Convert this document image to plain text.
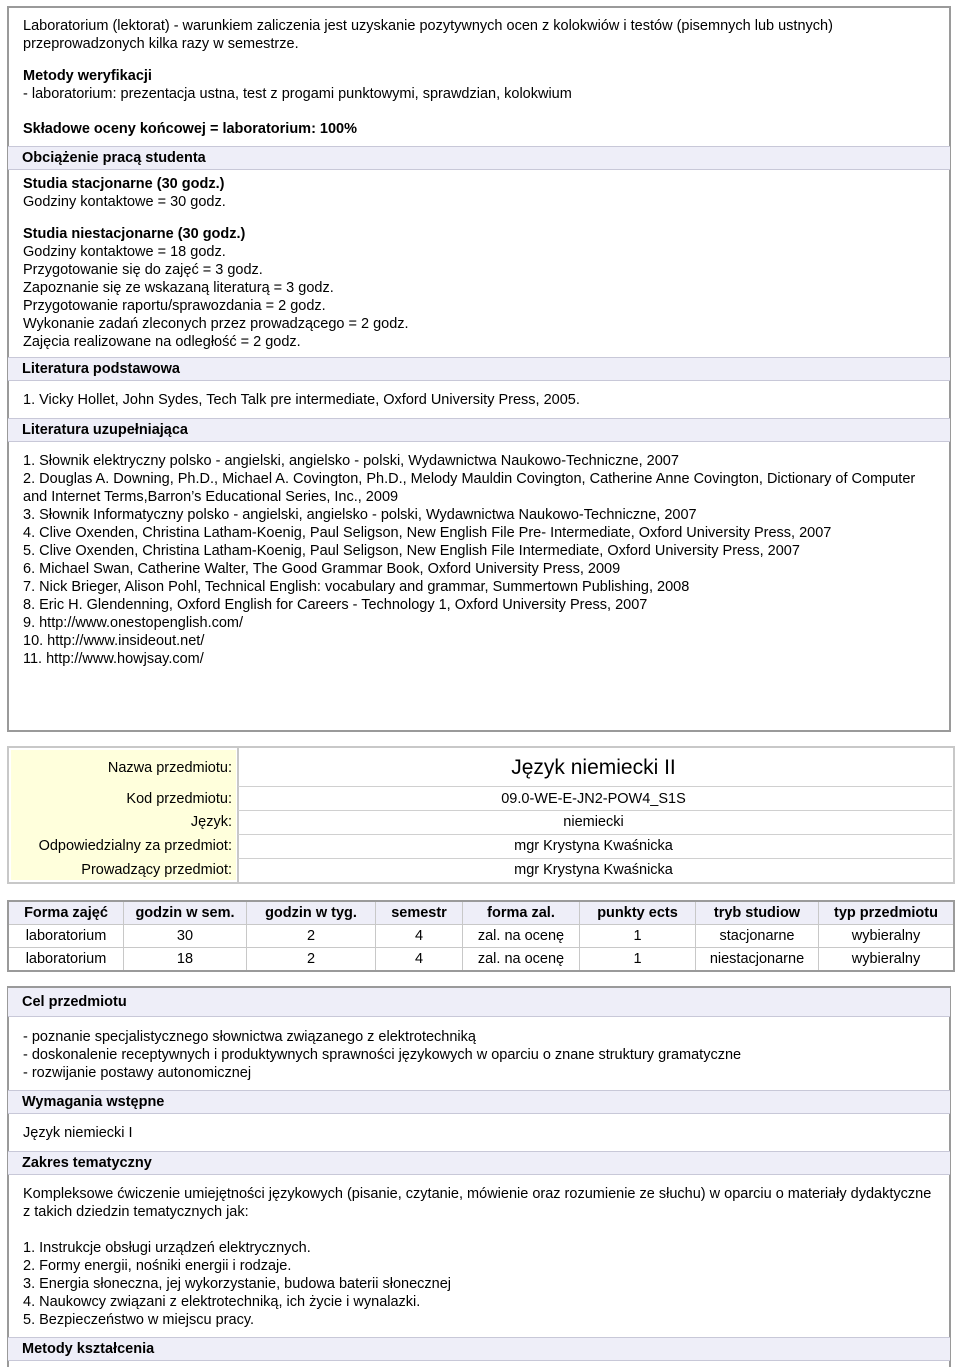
Laboratorium (lektorat) - warunkiem zaliczenia jest uzyskanie pozytywnych ocen z kolokwiów i testów (pisemnych lub ustnych) przeprowadzonych kilka razy w semestrze.

Metody weryfikacji

- laboratorium: prezentacja ustna, test z progami punktowymi, sprawdzian, kolokwium

Składowe oceny końcowej = laboratorium: 100%

Obciążenie pracą studenta

Studia stacjonarne (30 godz.)

Godziny kontaktowe = 30 godz.

Studia niestacjonarne (30 godz.)

Godziny kontaktowe = 18 godz.

Przygotowanie się do zajęć = 3 godz.

Zapoznanie się ze wskazaną literaturą = 3 godz.

Przygotowanie raportu/sprawozdania = 2 godz.

Wykonanie zadań zleconych przez prowadzącego = 2 godz.

Zajęcia realizowane na odległość = 2 godz.

Literatura podstawowa

1. Vicky Hollet, John Sydes, Tech Talk pre intermediate, Oxford University Press, 2005.

Literatura uzupełniająca

1. Słownik elektryczny polsko - angielski, angielsko - polski, Wydawnictwa Naukowo-Techniczne, 2007

2. Douglas A. Downing, Ph.D., Michael A. Covington, Ph.D., Melody Mauldin Covington, Catherine Anne Covington, Dictionary of Computer and Internet Terms,Barron’s Educational Series, Inc., 2009

3. Słownik Informatyczny polsko - angielski, angielsko - polski, Wydawnictwa Naukowo-Techniczne, 2007

4. Clive Oxenden, Christina Latham-Koenig, Paul Seligson, New English File Pre- Intermediate, Oxford University Press, 2007

5. Clive Oxenden, Christina Latham-Koenig, Paul Seligson, New English File Intermediate, Oxford University Press, 2007

6. Michael Swan, Catherine Walter, The Good Grammar Book, Oxford University Press, 2009

7. Nick Brieger, Alison Pohl, Technical English: vocabulary and grammar, Summertown Publishing, 2008

8. Eric H. Glendenning, Oxford English for Careers - Technology 1, Oxford University Press, 2007

9. http://www.onestopenglish.com/

10. http://www.insideout.net/

11. http://www.howjsay.com/

Nazwa przedmiotu:	Język niemiecki II
Kod przedmiotu:	09.0-WE-E-JN2-POW4_S1S
Język:	niemiecki
Odpowiedzialny za przedmiot:	mgr Krystyna Kwaśnicka
Prowadzący przedmiot:	mgr Krystyna Kwaśnicka
Forma zajęć	godzin w sem.	godzin w tyg.	semestr	forma zal.	punkty ects	tryb studiow	typ przedmiotu
laboratorium	30	2	4	zal. na ocenę	1	stacjonarne	wybieralny
laboratorium	18	2	4	zal. na ocenę	1	niestacjonarne	wybieralny
Cel przedmiotu

- poznanie specjalistycznego słownictwa związanego z elektrotechniką

- doskonalenie receptywnych i produktywnych sprawności językowych w oparciu o znane struktury gramatyczne

- rozwijanie postawy autonomicznej

Wymagania wstępne

Język niemiecki I

Zakres tematyczny

Kompleksowe ćwiczenie umiejętności językowych (pisanie, czytanie, mówienie oraz rozumienie ze słuchu) w oparciu o materiały dydaktyczne z takich dziedzin tematycznych jak:

1. Instrukcje obsługi urządzeń elektrycznych.

2. Formy energii, nośniki energii i rodzaje.

3. Energia słoneczna, jej wykorzystanie, budowa baterii słonecznej

4. Naukowcy związani z elektrotechniką, ich życie i wynalazki.

5. Bezpieczeństwo w miejscu pracy.

Metody kształcenia
